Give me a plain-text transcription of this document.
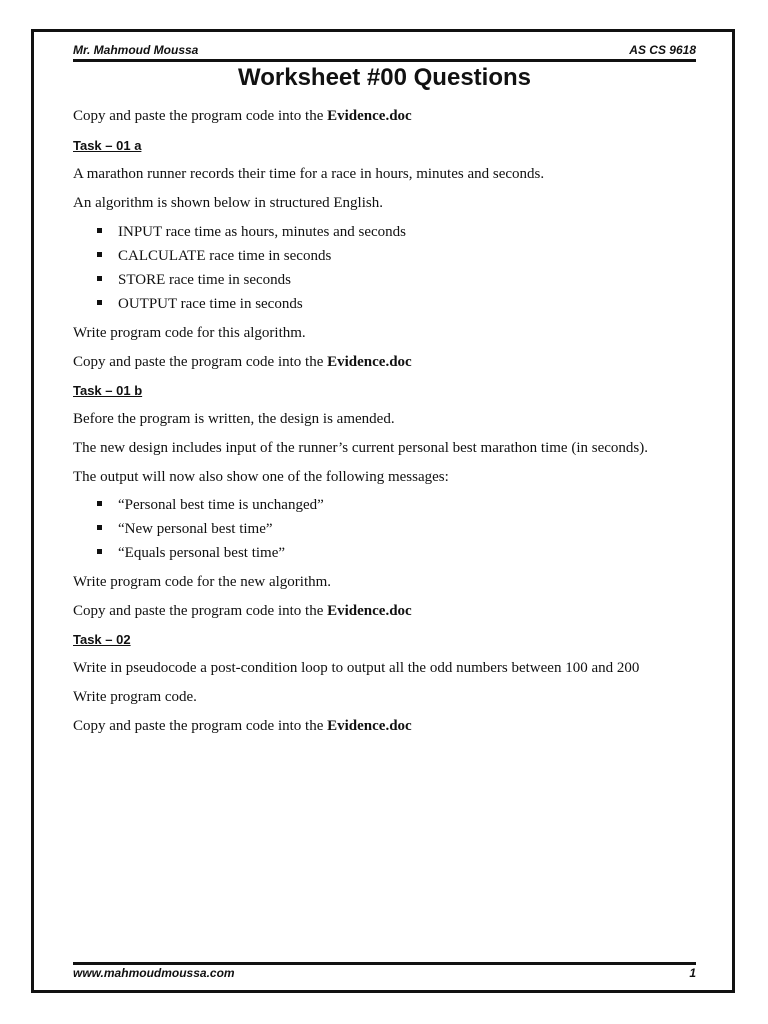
Mr. Mahmoud Moussa	AS CS 9618
Worksheet #00 Questions
Copy and paste the program code into the Evidence.doc
Task – 01 a
A marathon runner records their time for a race in hours, minutes and seconds.
An algorithm is shown below in structured English.
INPUT race time as hours, minutes and seconds
CALCULATE race time in seconds
STORE race time in seconds
OUTPUT race time in seconds
Write program code for this algorithm.
Copy and paste the program code into the Evidence.doc
Task – 01 b
Before the program is written, the design is amended.
The new design includes input of the runner’s current personal best marathon time (in seconds).
The output will now also show one of the following messages:
“Personal best time is unchanged”
“New personal best time”
“Equals personal best time”
Write program code for the new algorithm.
Copy and paste the program code into the Evidence.doc
Task – 02
Write in pseudocode a post-condition loop to output all the odd numbers between 100 and 200
Write program code.
Copy and paste the program code into the Evidence.doc
www.mahmoudmoussa.com	1
